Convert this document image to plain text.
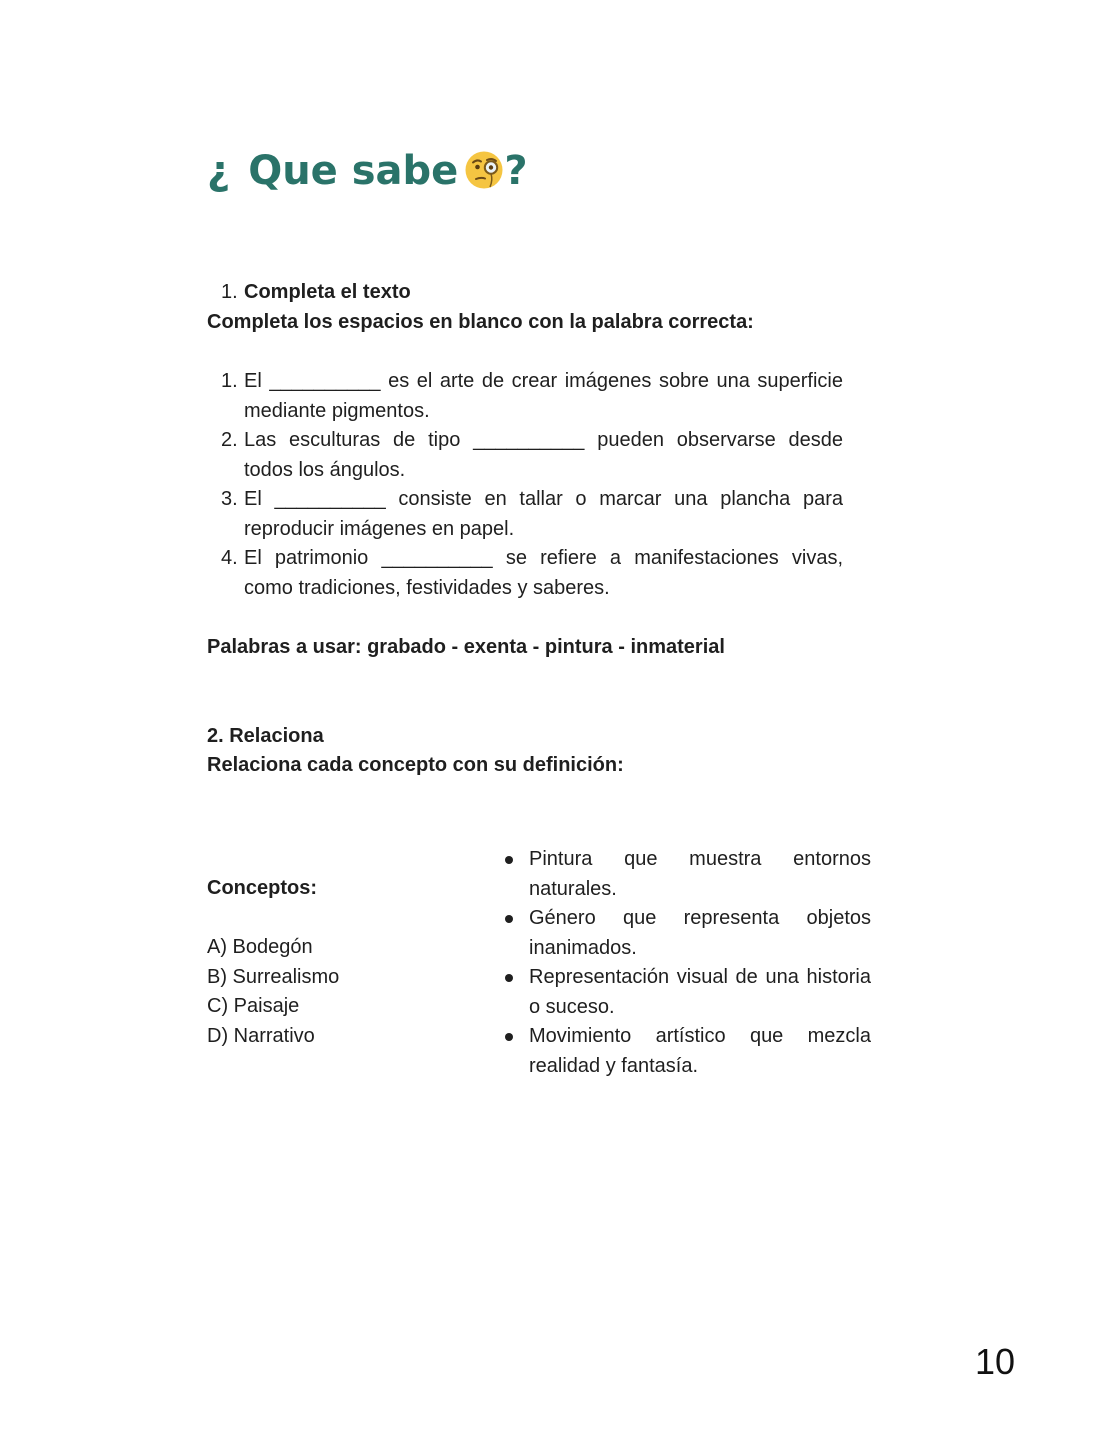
¿ Que sabe ?
1. Completa el texto
Completa los espacios en blanco con la palabra correcta:
1. El __________ es el arte de crear imágenes sobre una superficie mediante pigmentos.
2. Las esculturas de tipo __________ pueden observarse desde todos los ángulos.
3. El __________ consiste en tallar o marcar una plancha para reproducir imágenes en papel.
4. El patrimonio __________ se refiere a manifestaciones vivas, como tradiciones, festividades y saberes.
Palabras a usar: grabado - exenta - pintura - inmaterial
2. Relaciona
Relaciona cada concepto con su definición:
Conceptos:
A) Bodegón
B) Surrealismo
C) Paisaje
D) Narrativo
Pintura que muestra entornos naturales.
Género que representa objetos inanimados.
Representación visual de una historia o suceso.
Movimiento artístico que mezcla realidad y fantasía.
10
